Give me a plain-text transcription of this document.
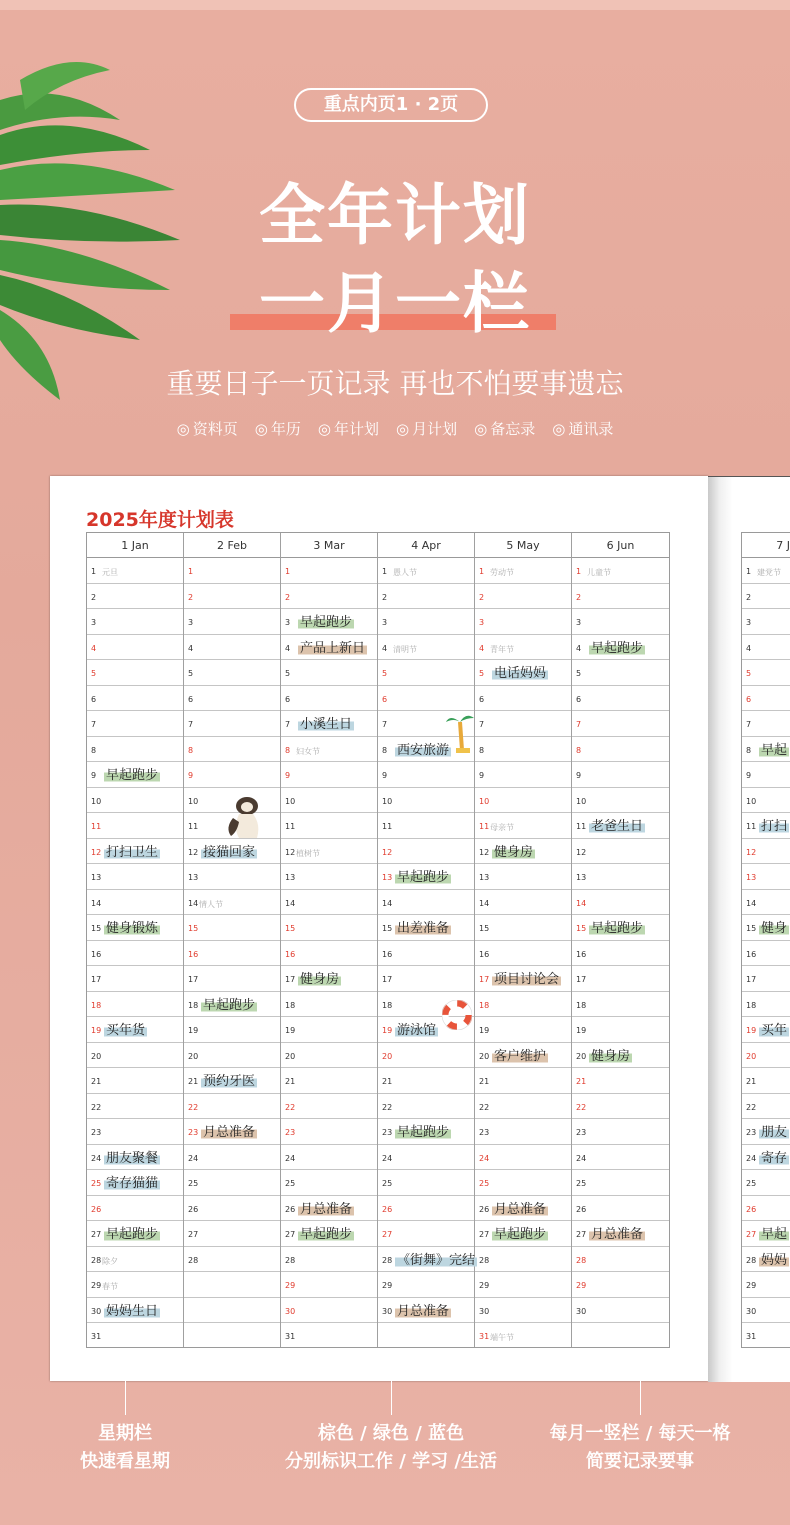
重点内页1 · 2页
全年计划
一月一栏
重要日子一页记录 再也不怕要事遗忘
◎ 资料页 ◎ 年历 ◎ 年计划 ◎ 月计划 ◎ 备忘录 ◎ 通讯录
2025年度计划表
1 Jan
1 元旦
2
3
4
5
6
7
8
9 早起跑步
10
11
12 打扫卫生
13
14
15 健身锻炼
16
17
18
19 买年货
20
21
22
23
24 朋友聚餐
25 寄存猫猫
26
27 早起跑步
28 除夕
29 春节
30 妈妈生日
31
2 Feb
1
2
3
4
5
6
7
8
9
10
11
12 接猫回家
13
14 情人节
15
16
17
18 早起跑步
19
20
21 预约牙医
22
23 月总准备
24
25
26
27
28
3 Mar
1
2
3 早起跑步
4 产品上新日
5
6
7 小溪生日
8 妇女节
9
10
11
12 植树节
13
14
15
16
17 健身房
18
19
20
21
22
23
24
25
26 月总准备
27 早起跑步
28
29
30
31
4 Apr
1 愚人节
2
3
4 清明节
5
6
7
8 西安旅游
9
10
11
12
13 早起跑步
14
15 出差准备
16
17
18
19 游泳馆
20
21
22
23 早起跑步
24
25
26
27
28 《街舞》完结
29
30 月总准备
5 May
1 劳动节
2
3
4 青年节
5 电话妈妈
6
7
8
9
10
11 母亲节
12 健身房
13
14
15
16
17 项目讨论会
18
19
20 客户维护
21
22
23
24
25
26 月总准备
27 早起跑步
28
29
30
31 端午节
6 Jun
1 儿童节
2
3
4 早起跑步
5
6
7
8
9
10
11 老爸生日
12
13
14
15 早起跑步
16
17
18
19
20 健身房
21
22
23
24
25
26
27 月总准备
28
29
30
7 J
1 建党节
2
3
4
5
6
7
8 早起
9
10
11 打扫
12
13
14
15 健身
16
17
18
19 买年
20
21
22
23 朋友
24 寄存
25
26
27 早起
28 妈妈
29
30
31
星期栏
快速看星期
棕色 / 绿色 / 蓝色
分别标识工作 / 学习 /生活
每月一竖栏 / 每天一格
简要记录要事
